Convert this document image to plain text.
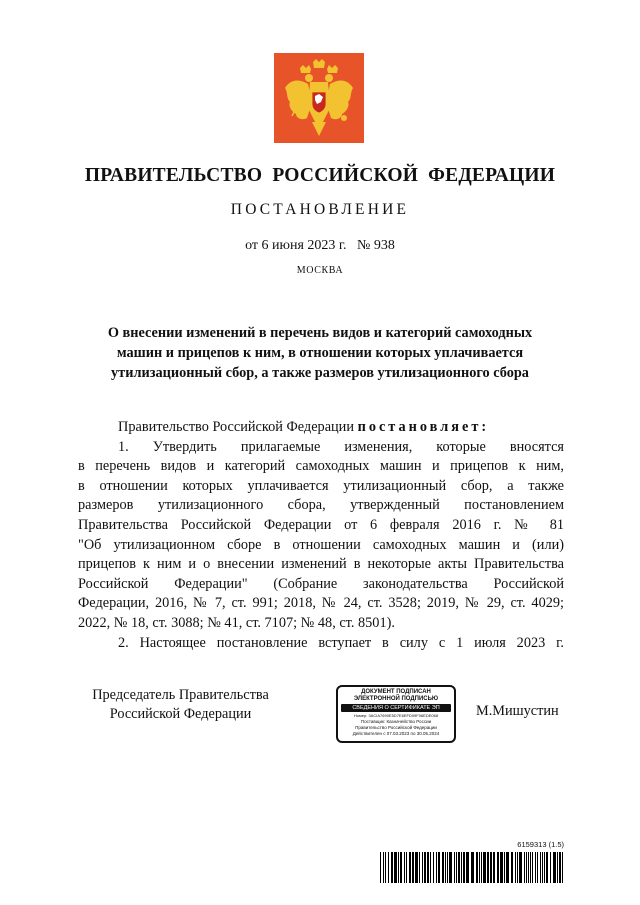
ПРАВИТЕЛЬСТВО РОССИЙСКОЙ ФЕДЕРАЦИИ
ПОСТАНОВЛЕНИЕ
от 6 июня 2023 г.   № 938
МОСКВА
О внесении изменений в перечень видов и категорий самоходных
машин и прицепов к ним, в отношении которых уплачивается
утилизационный сбор, а также размеров утилизационного сбора

Правительство Российской Федерации постановляет:

1. Утвердить прилагаемые изменения, которые вносятся

в перечень видов и категорий самоходных машин и прицепов к ним,

в отношении которых уплачивается утилизационный сбор, а также

размеров утилизационного сбора, утвержденный постановлением

Правительства Российской Федерации от 6 февраля 2016 г. № 81

"Об утилизационном сборе в отношении самоходных машин и (или)

прицепов к ним и о внесении изменений в некоторые акты Правительства

Российской Федерации" (Собрание законодательства Российской

Федерации, 2016, № 7, ст. 991; 2018, № 24, ст. 3528; 2019, № 29, ст. 4029;

2022, № 18, ст. 3088; № 41, ст. 7107; № 48, ст. 8501).

2. Настоящее постановление вступает в силу с 1 июля 2023 г.

Председатель Правительства
Российской Федерации
ДОКУМЕНТ ПОДПИСАН
ЭЛЕКТРОННОЙ ПОДПИСЬЮ
СВЕДЕНИЯ О СЕРТИФИКАТЕ ЭП
Номер: 3ACIA7690E5D7E6EFD09F06EDE068
Поставщик: Казначейство России
Правительство Российской Федерации
Действителен с 07.03.2023 по 30.05.2024
М.Мишустин
6159313 (1.5)
